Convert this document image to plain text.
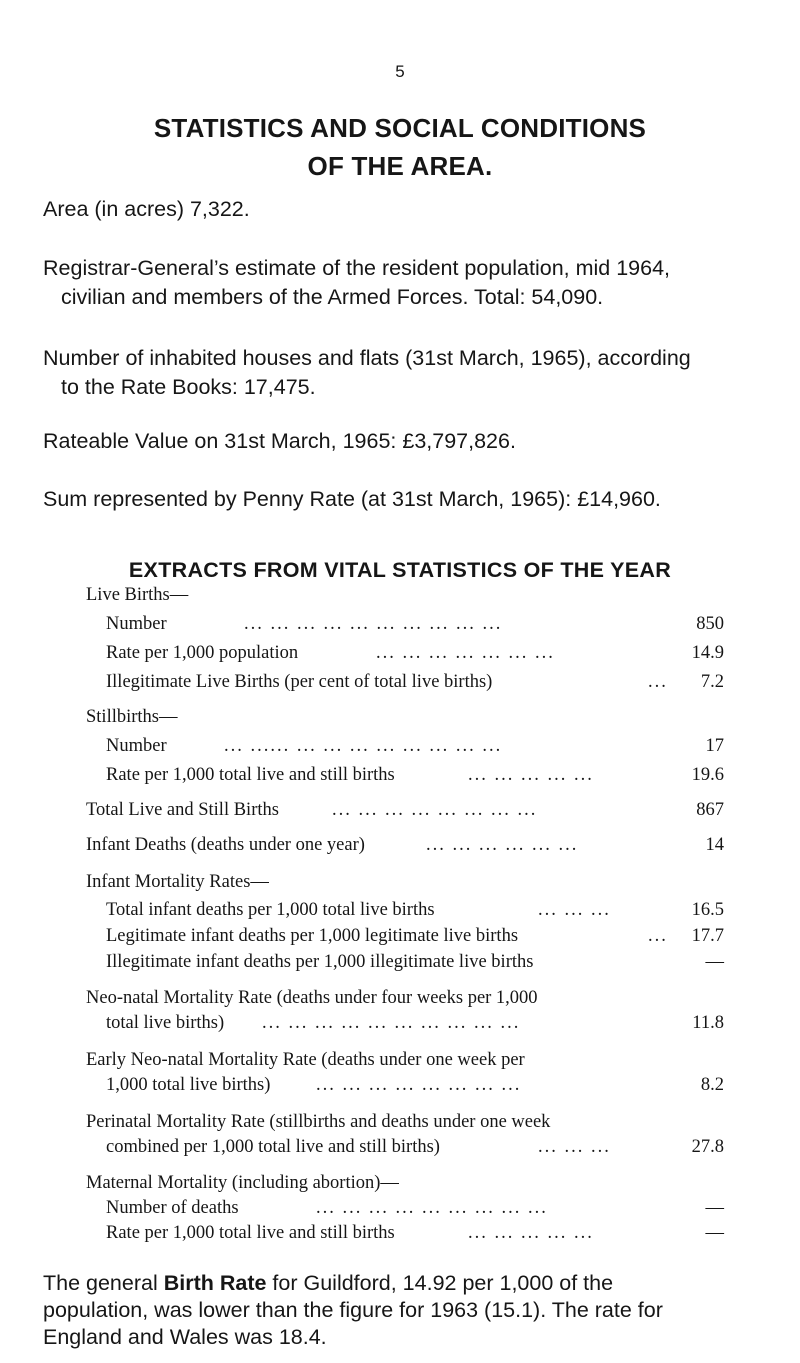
5
STATISTICS AND SOCIAL CONDITIONS
OF THE AREA.
Area (in acres) 7,322.
Registrar-General’s estimate of the resident population, mid 1964,
civilian and members of the Armed Forces. Total: 54,090.
Number of inhabited houses and flats (31st March, 1965), according
to the Rate Books: 17,475.
Rateable Value on 31st March, 1965: £3,797,826.
Sum represented by Penny Rate (at 31st March, 1965): £14,960.
EXTRACTS FROM VITAL STATISTICS OF THE YEAR
Live Births—
Number	... ... ... ... ... ... ... ... ... ...	850
Rate per 1,000 population	... ... ... ... ... ... ...	14.9
Illegitimate Live Births (per cent of total live births)	... 7.2
Stillbirths—
Number	... ...... ... ... ... ... ... ... ... ...	17
Rate per 1,000 total live and still births	... ... ... ... ...	19.6
Total Live and Still Births	... ... ... ... ... ... ... ...	867
Infant Deaths (deaths under one year)	... ... ... ... ... ...	14
Infant Mortality Rates—
Total infant deaths per 1,000 total live births	... ... ...	16.5
Legitimate infant deaths per 1,000 legitimate live births	... 17.7
Illegitimate infant deaths per 1,000 illegitimate live births	—
Neo-natal Mortality Rate (deaths under four weeks per 1,000
total live births) ... ... ... ... ... ... ... ... ... ...	11.8
Early Neo-natal Mortality Rate (deaths under one week per
1,000 total live births) ... ... ... ... ... ... ... ...	8.2
Perinatal Mortality Rate (stillbirths and deaths under one week
combined per 1,000 total live and still births)	... ... ...	27.8
Maternal Mortality (including abortion)—
Number of deaths	... ... ... ... ... ... ... ... ...	—
Rate per 1,000 total live and still births	... ... ... ... ...	—
The general Birth Rate for Guildford, 14.92 per 1,000 of the
population, was lower than the figure for 1963 (15.1). The rate for
England and Wales was 18.4.
